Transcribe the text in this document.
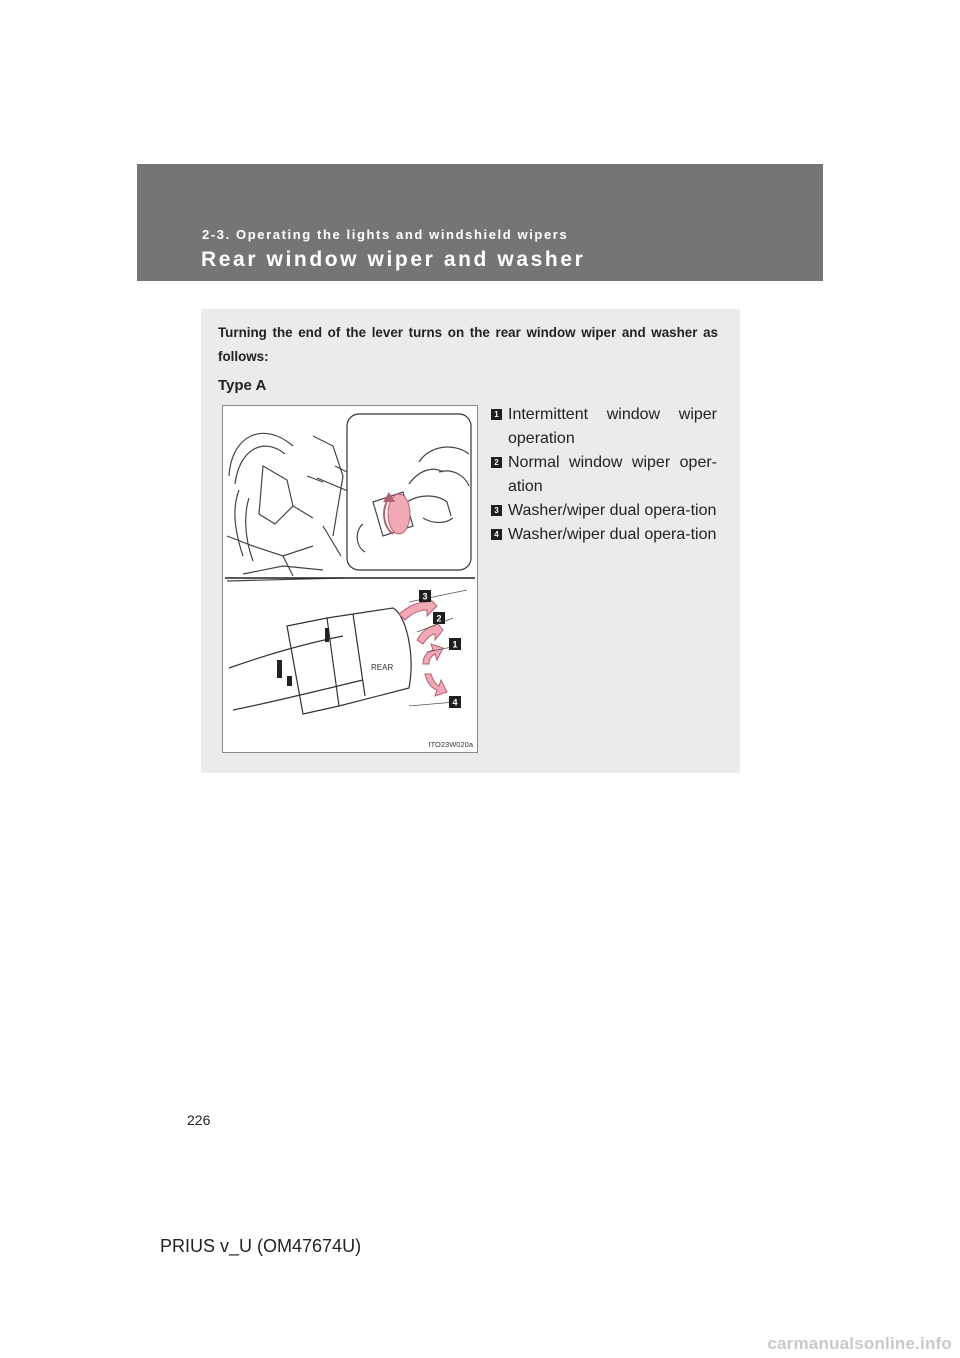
2-3. Operating the lights and windshield wipers
Rear window wiper and washer
Turning the end of the lever turns on the rear window wiper and washer as follows:
Type A
REAR
3
2
1
4
ITO23W020a
1 Intermittent window wiper operation
2 Normal window wiper oper-ation
3 Washer/wiper dual opera-tion
4 Washer/wiper dual opera-tion
226
PRIUS v_U (OM47674U)
carmanualsonline.info
